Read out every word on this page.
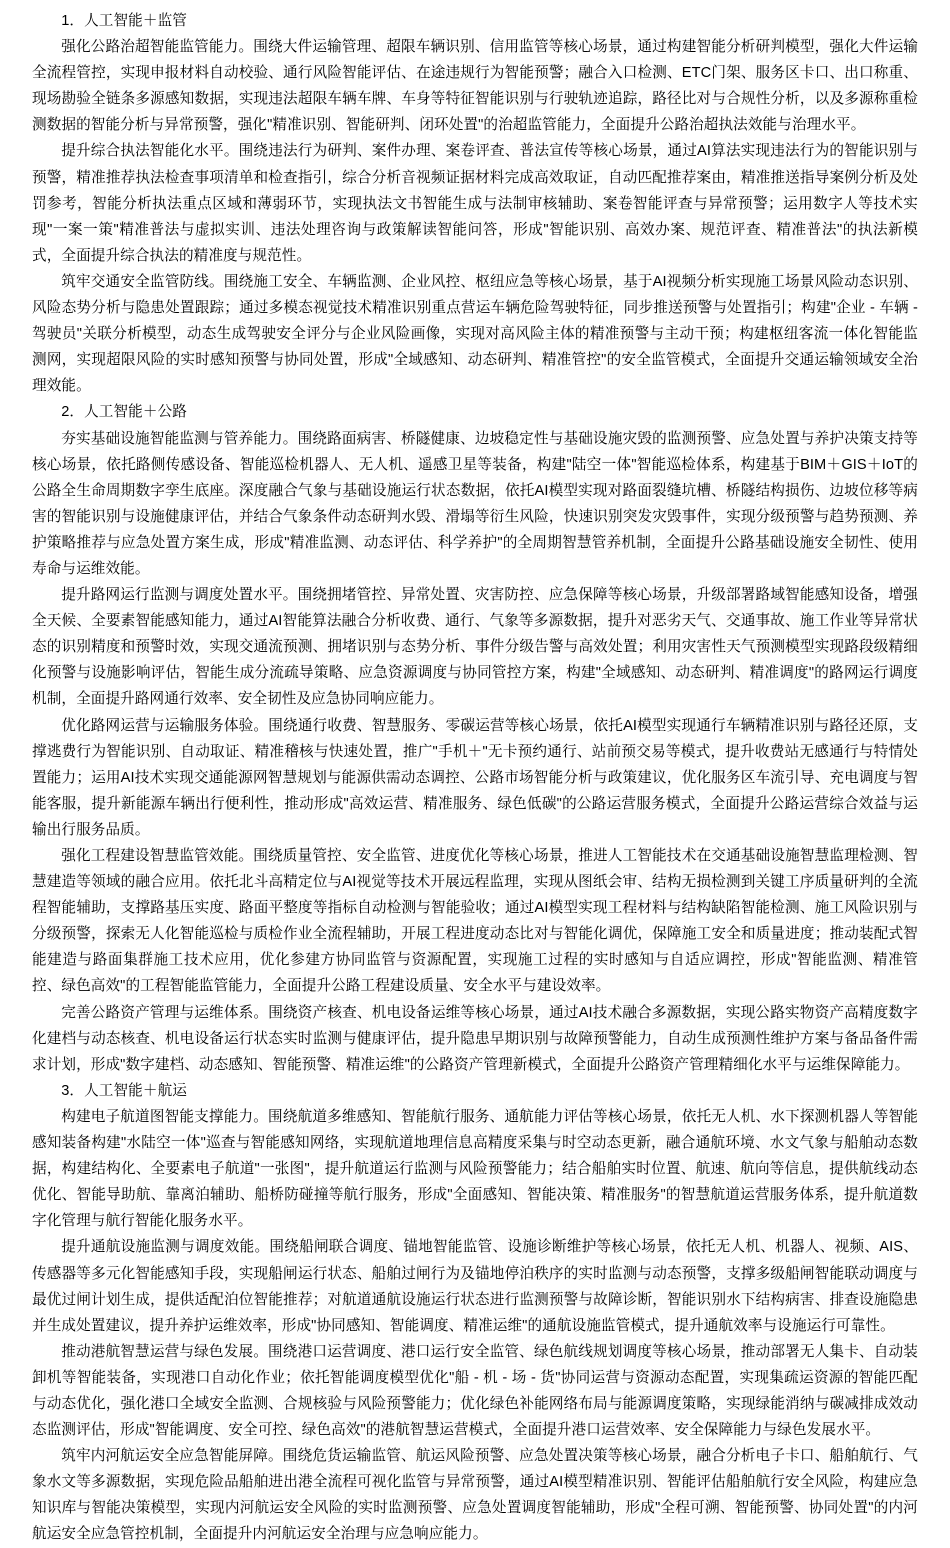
1．人工智能＋监管

强化公路治超智能监管能力。围绕大件运输管理、超限车辆识别、信用监管等核心场景，通过构建智能分析研判模型，强化大件运输全流程管控，实现申报材料自动校验、通行风险智能评估、在途违规行为智能预警；融合入口检测、ETC门架、服务区卡口、出口称重、现场勘验全链条多源感知数据，实现违法超限车辆车牌、车身等特征智能识别与行驶轨迹追踪，路径比对与合规性分析，以及多源称重检测数据的智能分析与异常预警，强化"精准识别、智能研判、闭环处置"的治超监管能力，全面提升公路治超执法效能与治理水平。

提升综合执法智能化水平。围绕违法行为研判、案件办理、案卷评查、普法宣传等核心场景，通过AI算法实现违法行为的智能识别与预警，精准推荐执法检查事项清单和检查指引，综合分析音视频证据材料完成高效取证，自动匹配推荐案由，精准推送指导案例分析及处罚参考，智能分析执法重点区域和薄弱环节，实现执法文书智能生成与法制审核辅助、案卷智能评查与异常预警；运用数字人等技术实现"一案一策"精准普法与虚拟实训、违法处理咨询与政策解读智能问答，形成"智能识别、高效办案、规范评查、精准普法"的执法新模式，全面提升综合执法的精准度与规范性。

筑牢交通安全监管防线。围绕施工安全、车辆监测、企业风控、枢纽应急等核心场景，基于AI视频分析实现施工场景风险动态识别、风险态势分析与隐患处置跟踪；通过多模态视觉技术精准识别重点营运车辆危险驾驶特征，同步推送预警与处置指引；构建"企业 - 车辆 - 驾驶员"关联分析模型，动态生成驾驶安全评分与企业风险画像，实现对高风险主体的精准预警与主动干预；构建枢纽客流一体化智能监测网，实现超限风险的实时感知预警与协同处置，形成"全域感知、动态研判、精准管控"的安全监管模式，全面提升交通运输领域安全治理效能。

2．人工智能＋公路

夯实基础设施智能监测与管养能力。围绕路面病害、桥隧健康、边坡稳定性与基础设施灾毁的监测预警、应急处置与养护决策支持等核心场景，依托路侧传感设备、智能巡检机器人、无人机、遥感卫星等装备，构建"陆空一体"智能巡检体系，构建基于BIM＋GIS＋IoT的公路全生命周期数字孪生底座。深度融合气象与基础设施运行状态数据，依托AI模型实现对路面裂缝坑槽、桥隧结构损伤、边坡位移等病害的智能识别与设施健康评估，并结合气象条件动态研判水毁、滑塌等衍生风险，快速识别突发灾毁事件，实现分级预警与趋势预测、养护策略推荐与应急处置方案生成，形成"精准监测、动态评估、科学养护"的全周期智慧管养机制，全面提升公路基础设施安全韧性、使用寿命与运维效能。

提升路网运行监测与调度处置水平。围绕拥堵管控、异常处置、灾害防控、应急保障等核心场景，升级部署路域智能感知设备，增强全天候、全要素智能感知能力，通过AI智能算法融合分析收费、通行、气象等多源数据，提升对恶劣天气、交通事故、施工作业等异常状态的识别精度和预警时效，实现交通流预测、拥堵识别与态势分析、事件分级告警与高效处置；利用灾害性天气预测模型实现路段级精细化预警与设施影响评估，智能生成分流疏导策略、应急资源调度与协同管控方案，构建"全域感知、动态研判、精准调度"的路网运行调度机制，全面提升路网通行效率、安全韧性及应急协同响应能力。

优化路网运营与运输服务体验。围绕通行收费、智慧服务、零碳运营等核心场景，依托AI模型实现通行车辆精准识别与路径还原，支撑逃费行为智能识别、自动取证、精准稽核与快速处置，推广"手机＋"无卡预约通行、站前预交易等模式，提升收费站无感通行与特情处置能力；运用AI技术实现交通能源网智慧规划与能源供需动态调控、公路市场智能分析与政策建议，优化服务区车流引导、充电调度与智能客服，提升新能源车辆出行便利性，推动形成"高效运营、精准服务、绿色低碳"的公路运营服务模式，全面提升公路运营综合效益与运输出行服务品质。

强化工程建设智慧监管效能。围绕质量管控、安全监管、进度优化等核心场景，推进人工智能技术在交通基础设施智慧监理检测、智慧建造等领域的融合应用。依托北斗高精定位与AI视觉等技术开展远程监理，实现从图纸会审、结构无损检测到关键工序质量研判的全流程智能辅助，支撑路基压实度、路面平整度等指标自动检测与智能验收；通过AI模型实现工程材料与结构缺陷智能检测、施工风险识别与分级预警，探索无人化智能巡检与质检作业全流程辅助，开展工程进度动态比对与智能化调优，保障施工安全和质量进度；推动装配式智能建造与路面集群施工技术应用，优化参建方协同监管与资源配置，实现施工过程的实时感知与自适应调控，形成"智能监测、精准管控、绿色高效"的工程智能监管能力，全面提升公路工程建设质量、安全水平与建设效率。

完善公路资产管理与运维体系。围绕资产核查、机电设备运维等核心场景，通过AI技术融合多源数据，实现公路实物资产高精度数字化建档与动态核查、机电设备运行状态实时监测与健康评估，提升隐患早期识别与故障预警能力，自动生成预测性维护方案与备品备件需求计划，形成"数字建档、动态感知、智能预警、精准运维"的公路资产管理新模式，全面提升公路资产管理精细化水平与运维保障能力。

3．人工智能＋航运

构建电子航道图智能支撑能力。围绕航道多维感知、智能航行服务、通航能力评估等核心场景，依托无人机、水下探测机器人等智能感知装备构建"水陆空一体"巡查与智能感知网络，实现航道地理信息高精度采集与时空动态更新，融合通航环境、水文气象与船舶动态数据，构建结构化、全要素电子航道"一张图"，提升航道运行监测与风险预警能力；结合船舶实时位置、航速、航向等信息，提供航线动态优化、智能导助航、靠离泊辅助、船桥防碰撞等航行服务，形成"全面感知、智能决策、精准服务"的智慧航道运营服务体系，提升航道数字化管理与航行智能化服务水平。

提升通航设施监测与调度效能。围绕船闸联合调度、锚地智能监管、设施诊断维护等核心场景，依托无人机、机器人、视频、AIS、传感器等多元化智能感知手段，实现船闸运行状态、船舶过闸行为及锚地停泊秩序的实时监测与动态预警，支撑多级船闸智能联动调度与最优过闸计划生成，提供适配泊位智能推荐；对航道通航设施运行状态进行监测预警与故障诊断，智能识别水下结构病害、排查设施隐患并生成处置建议，提升养护运维效率，形成"协同感知、智能调度、精准运维"的通航设施监管模式，提升通航效率与设施运行可靠性。

推动港航智慧运营与绿色发展。围绕港口运营调度、港口运行安全监管、绿色航线规划调度等核心场景，推动部署无人集卡、自动装卸机等智能装备，实现港口自动化作业；依托智能调度模型优化"船 - 机 - 场 - 货"协同运营与资源动态配置，实现集疏运资源的智能匹配与动态优化，强化港口全域安全监测、合规核验与风险预警能力；优化绿色补能网络布局与能源调度策略，实现绿能消纳与碳减排成效动态监测评估，形成"智能调度、安全可控、绿色高效"的港航智慧运营模式，全面提升港口运营效率、安全保障能力与绿色发展水平。

筑牢内河航运安全应急智能屏障。围绕危货运输监管、航运风险预警、应急处置决策等核心场景，融合分析电子卡口、船舶航行、气象水文等多源数据，实现危险品船舶进出港全流程可视化监管与异常预警，通过AI模型精准识别、智能评估船舶航行安全风险，构建应急知识库与智能决策模型，实现内河航运安全风险的实时监测预警、应急处置调度智能辅助，形成"全程可溯、智能预警、协同处置"的内河航运安全应急管控机制，全面提升内河航运安全治理与应急响应能力。
